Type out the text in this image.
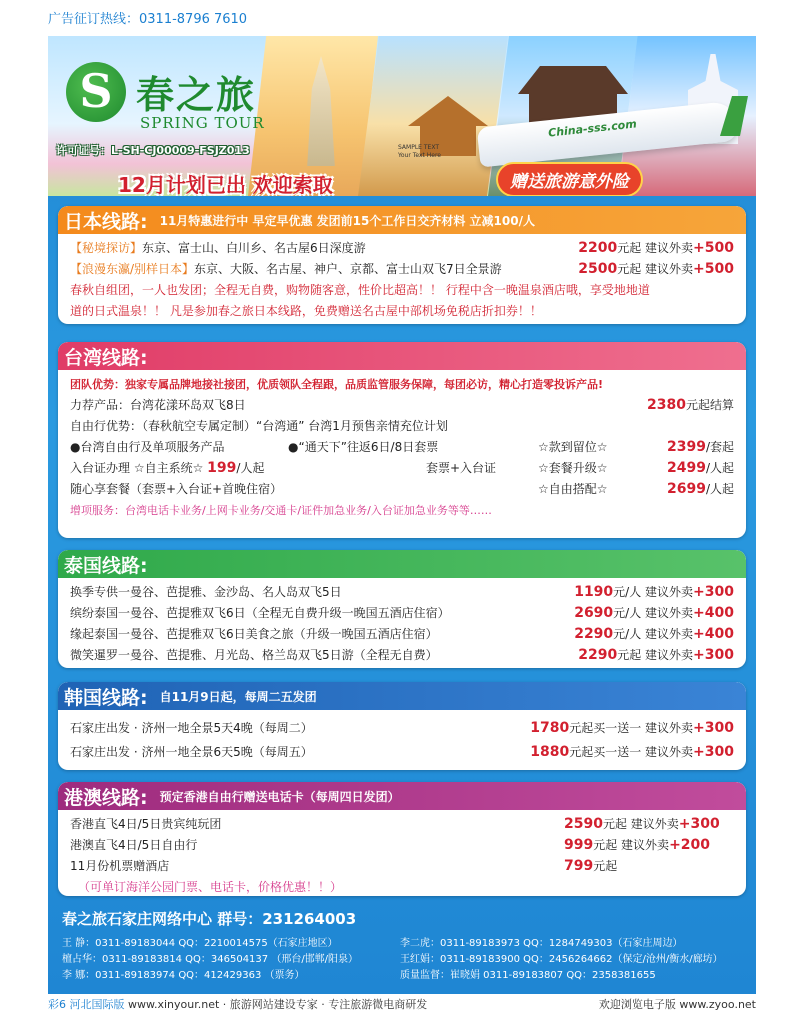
广告征订热线：0311-8796 7610
China-sss.com
S 春之旅
SPRING TOUR
许可证号：L-SH-CJ00009-FSJZ013	SAMPLE TEXT
Your Text Here
12月计划已出 欢迎索取	赠送旅游意外险
日本线路: 11月特惠进行中 早定早优惠 发团前15个工作日交齐材料 立减100/人
【秘境探访】东京、富士山、白川乡、名古屋6日深度游	2200元起 建议外卖+500
【浪漫东瀛/别样日本】东京、大阪、名古屋、神户、京都、富士山双飞7日全景游	2500元起 建议外卖+500
春秋自组团，一人也发团；全程无自费，购物随客意，性价比超高！！ 行程中含一晚温泉酒店哦，享受地地道
道的日式温泉！！ 凡是参加春之旅日本线路，免费赠送名古屋中部机场免税店折扣券！！
台湾线路:
团队优势：独家专属品牌地接社接团，优质领队全程跟，品质监管服务保障，每团必访，精心打造零投诉产品!
力荐产品：台湾花漾环岛双飞8日	2380元起结算
自由行优势：（春秋航空专属定制）“台湾通” 台湾1月预售亲情充位计划
●台湾自由行及单项服务产品	●“通天下”往返6日/8日套票	☆款到留位☆	2399/套起
入台证办理 ☆自主系统☆ 199/人起	套票+入台证	☆套餐升级☆	2499/人起
随心享套餐（套票+入台证+首晚住宿）	☆自由搭配☆	2699/人起
增项服务：台湾电话卡业务/上网卡业务/交通卡/证件加急业务/入台证加急业务等等……
泰国线路:
换季专供一曼谷、芭提雅、金沙岛、名人岛双飞5日	1190元/人 建议外卖+300
缤纷泰国一曼谷、芭提雅双飞6日（全程无自费升级一晚国五酒店住宿）	2690元/人 建议外卖+400
缘起泰国一曼谷、芭提雅双飞6日美食之旅（升级一晚国五酒店住宿）	2290元/人 建议外卖+400
微笑暹罗一曼谷、芭提雅、月光岛、格兰岛双飞5日游（全程无自费）	2290元起 建议外卖+300
韩国线路: 自11月9日起，每周二五发团
石家庄出发 · 济州一地全景5天4晚（每周二）	1780元起买一送一 建议外卖+300
石家庄出发 · 济州一地全景6天5晚（每周五）	1880元起买一送一 建议外卖+300
港澳线路: 预定香港自由行赠送电话卡（每周四日发团）
香港直飞4日/5日贵宾纯玩团	2590元起 建议外卖+300
港澳直飞4日/5日自由行	999元起 建议外卖+200
11月份机票赠酒店	799元起
（可单订海洋公园门票、电话卡，价格优惠！！）
春之旅石家庄网络中心 群号：231264003
王 静：0311-89183044 QQ：2210014575（石家庄地区）	李二虎：0311-89183973 QQ：1284749303（石家庄周边）
檀占华：0311-89183814 QQ：346504137 （邢台/邯郸/阳泉）	王红娟：0311-89183900 QQ：2456264662（保定/沧州/衡水/廊坊）
李 娜：0311-89183974 QQ：412429363 （票务）	质量监督：崔晓娟 0311-89183807 QQ：2358381655
彩6 河北国际版 www.xinyour.net · 旅游网站建设专家 · 专注旅游微电商研发	欢迎浏览电子版 www.zyoo.net
